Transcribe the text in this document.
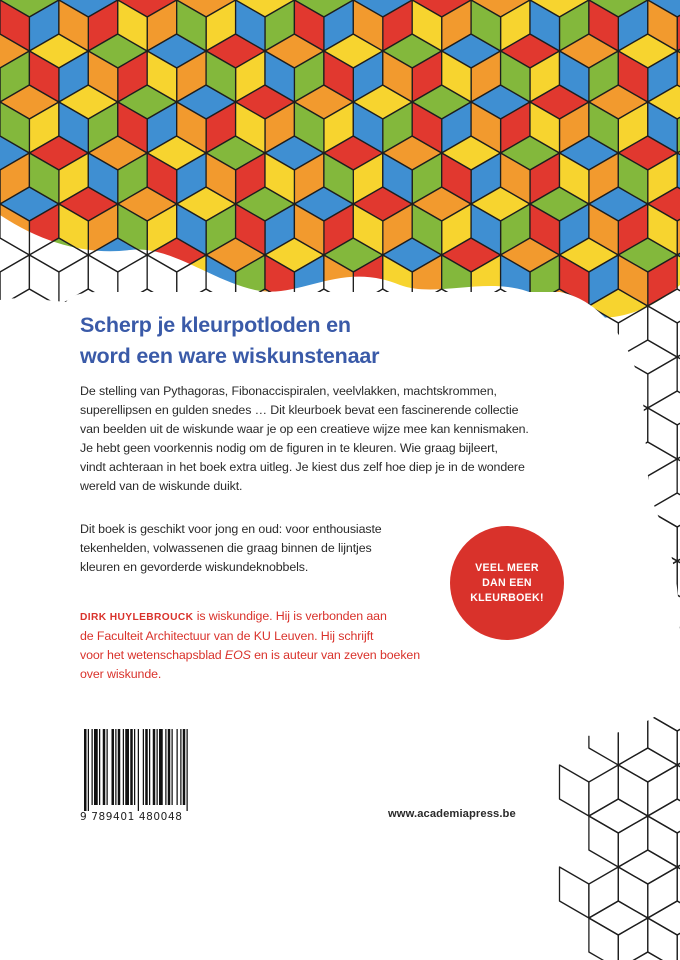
Scherp je kleurpotloden en
word een ware wiskunstenaar

De stelling van Pythagoras, Fibonaccispiralen, veelvlakken, machtskrommen,
superellipsen en gulden snedes … Dit kleurboek bevat een fascinerende collectie
van beelden uit de wiskunde waar je op een creatieve wijze mee kan kennismaken.
Je hebt geen voorkennis nodig om de figuren in te kleuren. Wie graag bijleert,
vindt achteraan in het boek extra uitleg. Je kiest dus zelf hoe diep je in de wondere
wereld van de wiskunde duikt.

Dit boek is geschikt voor jong en oud: voor enthousiaste
tekenhelden, volwassenen die graag binnen de lijntjes
kleuren en gevorderde wiskundeknobbels.

DIRK HUYLEBROUCK is wiskundige. Hij is verbonden aan
de Faculteit Architectuur van de KU Leuven. Hij schrijft
voor het wetenschapsblad EOS en is auteur van zeven boeken
over wiskunde.

VEEL MEER
DAN EEN
KLEURBOEK!
9 789401 480048	www.academiapress.be
